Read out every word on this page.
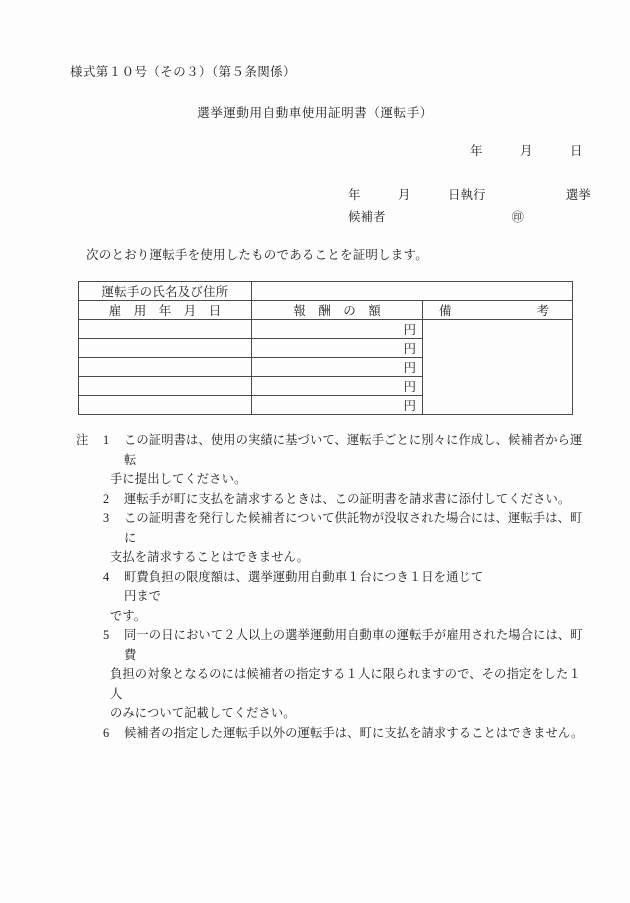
様式第１０号（その３）（第５条関係）
選挙運動用自動車使用証明書（運転手）
年　　　月　　　日
年　　　月　　　日執行	選挙
候補者	㊞
次のとおり運転手を使用したものであることを証明します。
運転手の氏名及び住所		
雇　用　年　月　日	報　酬　の　額	備 考

	円	
	円	
	円	
	円	
	円	
注 1 この証明書は、使用の実績に基づいて、運転手ごとに別々に作成し、候補者から運転
手に提出してください。
2 運転手が町に支払を請求するときは、この証明書を請求書に添付してください。
3 この証明書を発行した候補者について供託物が没収された場合には、運転手は、町に
支払を請求することはできません。
4 町費負担の限度額は、選挙運動用自動車１台につき１日を通じて  円まで
です。
5 同一の日において２人以上の選挙運動用自動車の運転手が雇用された場合には、町費
負担の対象となるのには候補者の指定する１人に限られますので、その指定をした１人
のみについて記載してください。
6 候補者の指定した運転手以外の運転手は、町に支払を請求することはできません。
